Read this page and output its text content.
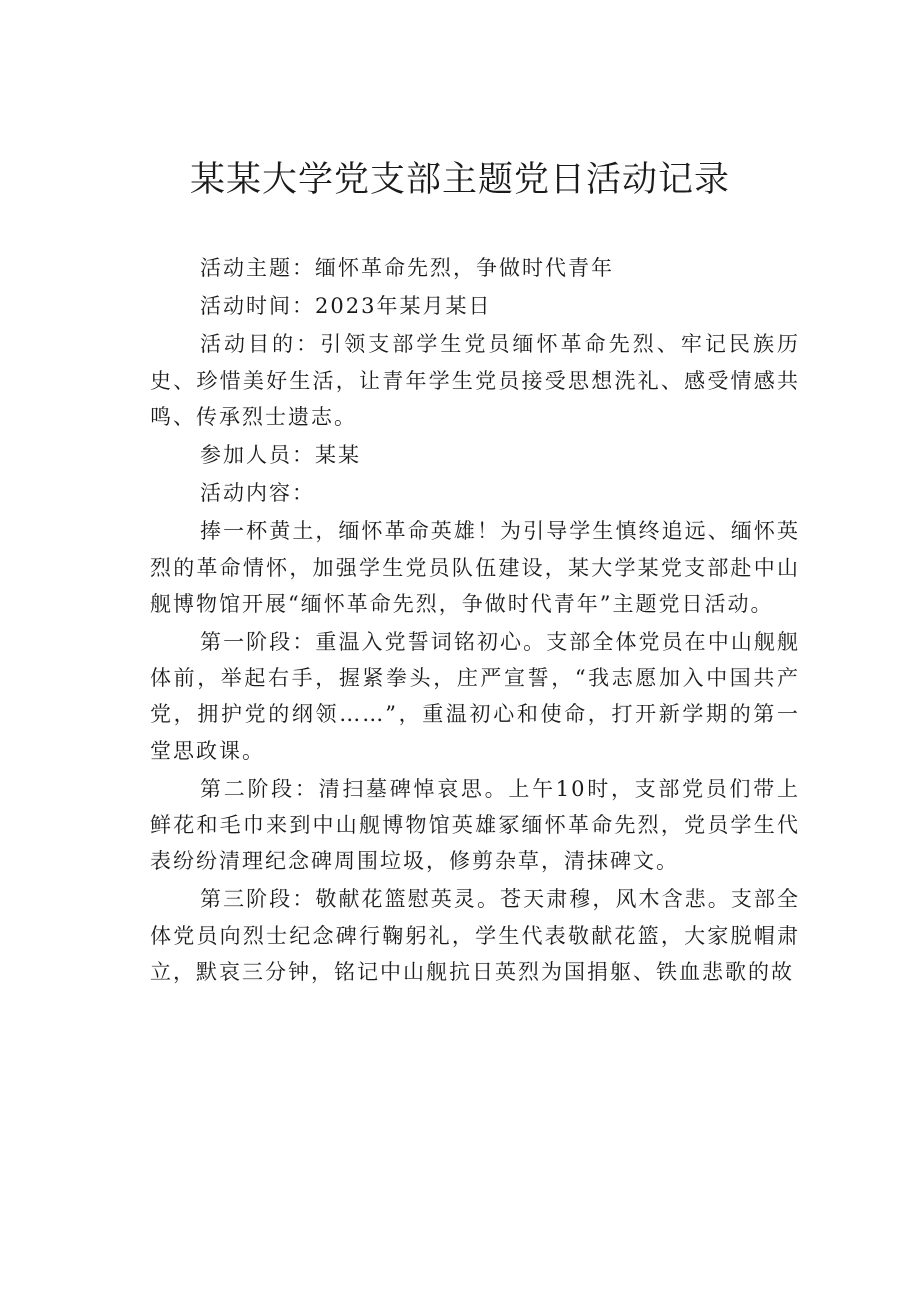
某某大学党支部主题党日活动记录

活动主题：缅怀革命先烈，争做时代青年

活动时间：2023年某月某日

活动目的：引领支部学生党员缅怀革命先烈、牢记民族历史、珍惜美好生活，让青年学生党员接受思想洗礼、感受情感共鸣、传承烈士遗志。

参加人员：某某

活动内容：

捧一杯黄土，缅怀革命英雄！为引导学生慎终追远、缅怀英烈的革命情怀，加强学生党员队伍建设，某大学某党支部赴中山舰博物馆开展“缅怀革命先烈，争做时代青年”主题党日活动。

第一阶段：重温入党誓词铭初心。支部全体党员在中山舰舰体前，举起右手，握紧拳头，庄严宣誓，“我志愿加入中国共产党，拥护党的纲领……”，重温初心和使命，打开新学期的第一堂思政课。

第二阶段：清扫墓碑悼哀思。上午10时，支部党员们带上鲜花和毛巾来到中山舰博物馆英雄冢缅怀革命先烈，党员学生代表纷纷清理纪念碑周围垃圾，修剪杂草，清抹碑文。

第三阶段：敬献花篮慰英灵。苍天肃穆，风木含悲。支部全体党员向烈士纪念碑行鞠躬礼，学生代表敬献花篮，大家脱帽肃立，默哀三分钟，铭记中山舰抗日英烈为国捐躯、铁血悲歌的故
